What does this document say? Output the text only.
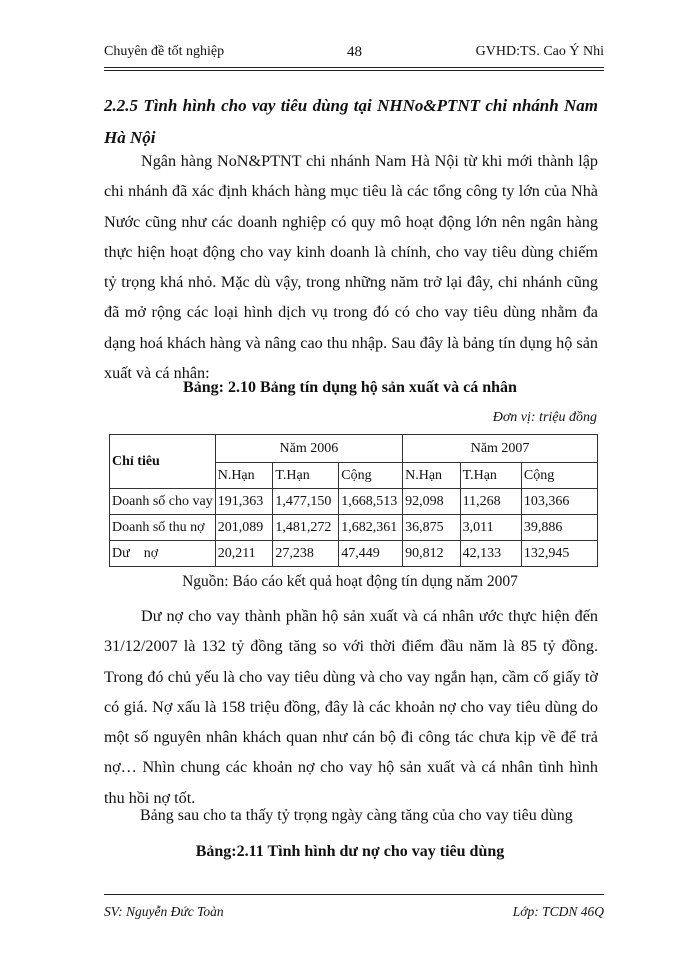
Chuyên đề tốt nghiệp	48	GVHD:TS. Cao Ý Nhi
2.2.5 Tình hình cho vay tiêu dùng tại NHNo&PTNT chi nhánh Nam Hà Nội

Ngân hàng NoN&PTNT chi nhánh Nam Hà Nội từ khi mới thành lập chi nhánh đã xác định khách hàng mục tiêu là các tổng công ty lớn của Nhà Nước cũng như các doanh nghiệp có quy mô hoạt động lớn nên ngân hàng thực hiện hoạt động cho vay kinh doanh là chính, cho vay tiêu dùng chiếm tỷ trọng khá nhỏ. Mặc dù vậy, trong những năm trở lại đây, chi nhánh cũng đã mở rộng các loại hình dịch vụ trong đó có cho vay tiêu dùng nhằm đa dạng hoá khách hàng và nâng cao thu nhập. Sau đây là bảng tín dụng hộ sản xuất và cá nhân:

Bảng: 2.10 Bảng tín dụng hộ sản xuất và cá nhân
Đơn vị: triệu đồng
Chỉ tiêu	Năm 2006			Năm 2007		
	N.Hạn	T.Hạn	Cộng	N.Hạn	T.Hạn	Cộng
Doanh số cho vay	191,363	1,477,150	1,668,513	92,098	11,268	103,366
Doanh số thu nợ	201,089	1,481,272	1,682,361	36,875	3,011	39,886
Dư    nợ	20,211	27,238	47,449	90,812	42,133	132,945
Nguồn: Báo cáo kết quả hoạt động tín dụng năm 2007

Dư nợ cho vay thành phần hộ sản xuất và cá nhân ước thực hiện đến 31/12/2007 là 132 tỷ đồng tăng so với thời điểm đầu năm là 85 tỷ đồng. Trong đó chủ yếu là cho vay tiêu dùng và cho vay ngắn hạn, cầm cố giấy tờ có giá. Nợ xấu là 158 triệu đồng, đây là các khoản nợ cho vay tiêu dùng do một số nguyên nhân khách quan như cán bộ đi công tác chưa kịp về để trả nợ… Nhìn chung các khoản nợ cho vay hộ sản xuất và cá nhân tình hình thu hồi nợ tốt.

Bảng sau cho ta thấy tỷ trọng ngày càng tăng của cho vay tiêu dùng
Bảng:2.11 Tình hình dư nợ cho vay tiêu dùng
SV: Nguyễn Đức Toàn	Lớp: TCDN 46Q
